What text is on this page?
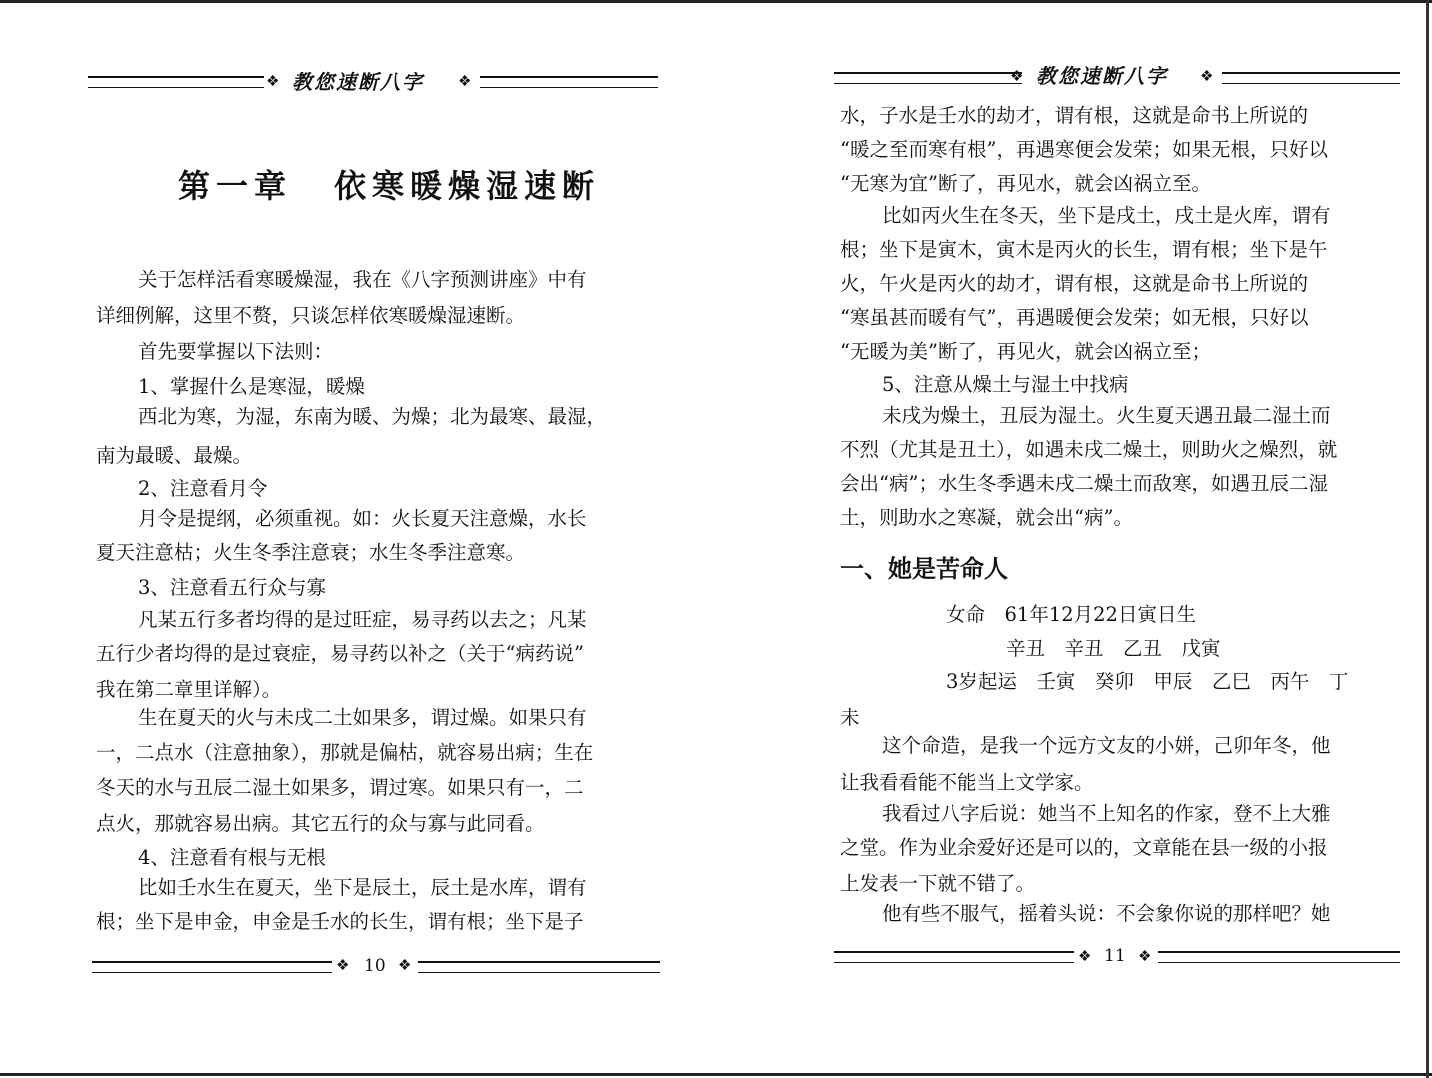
❖ 教您速断八字 ❖
第一章 依寒暖燥湿速断
关于怎样活看寒暖燥湿，我在《八字预测讲座》中有
详细例解，这里不赘，只谈怎样依寒暖燥湿速断。
首先要掌握以下法则：
1、掌握什么是寒湿，暖燥
西北为寒，为湿，东南为暖、为燥；北为最寒、最湿，
南为最暖、最燥。
2、注意看月令
月令是提纲，必须重视。如：火长夏天注意燥，水长
夏天注意枯；火生冬季注意衰；水生冬季注意寒。
3、注意看五行众与寡
凡某五行多者均得的是过旺症，易寻药以去之；凡某
五行少者均得的是过衰症，易寻药以补之（关于“病药说”
我在第二章里详解）。
生在夏天的火与未戌二土如果多，谓过燥。如果只有
一，二点水（注意抽象），那就是偏枯，就容易出病；生在
冬天的水与丑辰二湿土如果多，谓过寒。如果只有一，二
点火，那就容易出病。其它五行的众与寡与此同看。
4、注意看有根与无根
比如壬水生在夏天，坐下是辰土，辰土是水库，谓有
根；坐下是申金，申金是壬水的长生，谓有根；坐下是子
❖ 10 ❖
❖ 教您速断八字 ❖
水，子水是壬水的劫才，谓有根，这就是命书上所说的
“暖之至而寒有根”，再遇寒便会发荣；如果无根，只好以
“无寒为宜”断了，再见水，就会凶祸立至。
比如丙火生在冬天，坐下是戌土，戌土是火库，谓有
根；坐下是寅木，寅木是丙火的长生，谓有根；坐下是午
火，午火是丙火的劫才，谓有根，这就是命书上所说的
“寒虽甚而暖有气”，再遇暖便会发荣；如无根，只好以
“无暖为美”断了，再见火，就会凶祸立至；
5、注意从燥土与湿土中找病
未戌为燥土，丑辰为湿土。火生夏天遇丑最二湿土而
不烈（尤其是丑土），如遇未戌二燥土，则助火之燥烈，就
会出“病”；水生冬季遇未戌二燥土而敌寒，如遇丑辰二湿
土，则助水之寒凝，就会出“病”。
一、她是苦命人
女命　61年12月22日寅日生
辛丑　辛丑　乙丑　戊寅
3岁起运　壬寅　癸卯　甲辰　乙巳　丙午　丁
未
这个命造，是我一个远方文友的小姘，己卯年冬，他
让我看看能不能当上文学家。
我看过八字后说：她当不上知名的作家，登不上大雅
之堂。作为业余爱好还是可以的，文章能在县一级的小报
上发表一下就不错了。
他有些不服气，摇着头说：不会象你说的那样吧？她
❖ 11 ❖
